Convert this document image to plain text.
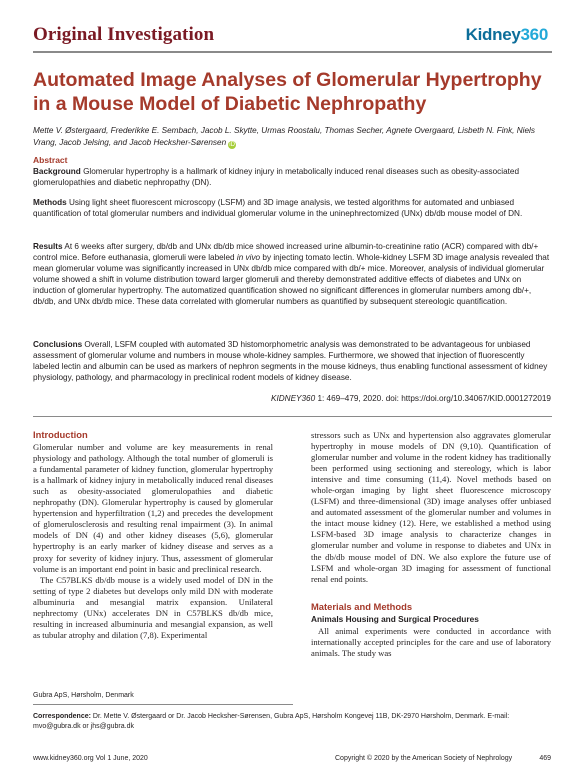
Original Investigation	Kidney360
Automated Image Analyses of Glomerular Hypertrophy in a Mouse Model of Diabetic Nephropathy
Mette V. Østergaard, Frederikke E. Sembach, Jacob L. Skytte, Urmas Roostalu, Thomas Secher, Agnete Overgaard, Lisbeth N. Fink, Niels Vrang, Jacob Jelsing, and Jacob Hecksher-Sørensen iD
Abstract
Background Glomerular hypertrophy is a hallmark of kidney injury in metabolically induced renal diseases such as obesity-associated glomerulopathies and diabetic nephropathy (DN).
Methods Using light sheet fluorescent microscopy (LSFM) and 3D image analysis, we tested algorithms for automated and unbiased quantification of total glomerular numbers and individual glomerular volume in the uninephrectomized (UNx) db/db mouse model of DN.
Results At 6 weeks after surgery, db/db and UNx db/db mice showed increased urine albumin-to-creatinine ratio (ACR) compared with db/+ control mice. Before euthanasia, glomeruli were labeled in vivo by injecting tomato lectin. Whole-kidney LSFM 3D image analysis revealed that mean glomerular volume was significantly increased in UNx db/db mice compared with db/+ mice. Moreover, analysis of individual glomerular volume showed a shift in volume distribution toward larger glomeruli and thereby demonstrated additive effects of diabetes and UNx on induction of glomerular hypertrophy. The automatized quantification showed no significant differences in glomerular numbers among db/+, db/db, and UNx db/db mice. These data correlated with glomerular numbers as quantified by subsequent stereologic quantification.
Conclusions Overall, LSFM coupled with automated 3D histomorphometric analysis was demonstrated to be advantageous for unbiased assessment of glomerular volume and numbers in mouse whole-kidney samples. Furthermore, we showed that injection of fluorescently labeled lectin and albumin can be used as markers of nephron segments in the mouse kidneys, thus enabling functional assessment of kidney physiology, pathology, and pharmacology in preclinical rodent models of kidney disease.
KIDNEY360 1: 469–479, 2020. doi: https://doi.org/10.34067/KID.0001272019
Introduction

Glomerular number and volume are key measurements in renal physiology and pathology. Although the total number of glomeruli is a fundamental parameter of kidney function, glomerular hypertrophy is a hallmark of kidney injury in metabolically induced renal diseases such as obesity-associated glomerulopathies and diabetic nephropathy (DN). Glomerular hypertrophy is caused by glomerular hypertension and hyperfiltration (1,2) and precedes the development of glomerulosclerosis and resulting renal impairment (3). In animal models of DN (4) and other kidney diseases (5,6), glomerular hypertrophy is an early marker of kidney disease and serves as a proxy for severity of kidney injury. Thus, assessment of glomerular volume is an important end point in basic and preclinical research.

The C57BLKS db/db mouse is a widely used model of DN in the setting of type 2 diabetes but develops only mild DN with moderate albuminuria and mesangial matrix expansion. Unilateral nephrectomy (UNx) accelerates DN in C57BLKS db/db mice, resulting in increased albuminuria and mesangial expansion, as well as tubular atrophy and dilation (7,8). Experimental

stressors such as UNx and hypertension also aggravates glomerular hypertrophy in mouse models of DN (9,10). Quantification of glomerular number and volume in the rodent kidney has traditionally been performed using sectioning and stereology, which is labor intensive and time consuming (11,4). Novel methods based on whole-organ imaging by light sheet fluorescence microscopy (LSFM) and three-dimensional (3D) image analyses offer unbiased and automated assessment of the glomerular number and volumes in the intact mouse kidney (12). Here, we established a method using LSFM-based 3D image analysis to characterize changes in glomerular number and volume in response to diabetes and UNx in the db/db mouse model of DN. We also explore the future use of LSFM and whole-organ 3D imaging for assessment of functional renal end points.

Materials and Methods
Animals Housing and Surgical Procedures

All animal experiments were conducted in accordance with internationally accepted principles for the care and use of laboratory animals. The study was

Gubra ApS, Hørsholm, Denmark
Correspondence: Dr. Mette V. Østergaard or Dr. Jacob Hecksher-Sørensen, Gubra ApS, Hørsholm Kongevej 11B, DK-2970 Hørsholm, Denmark. E-mail: mvo@gubra.dk or jhs@gubra.dk
www.kidney360.org Vol 1 June, 2020	Copyright © 2020 by the American Society of Nephrology	469
